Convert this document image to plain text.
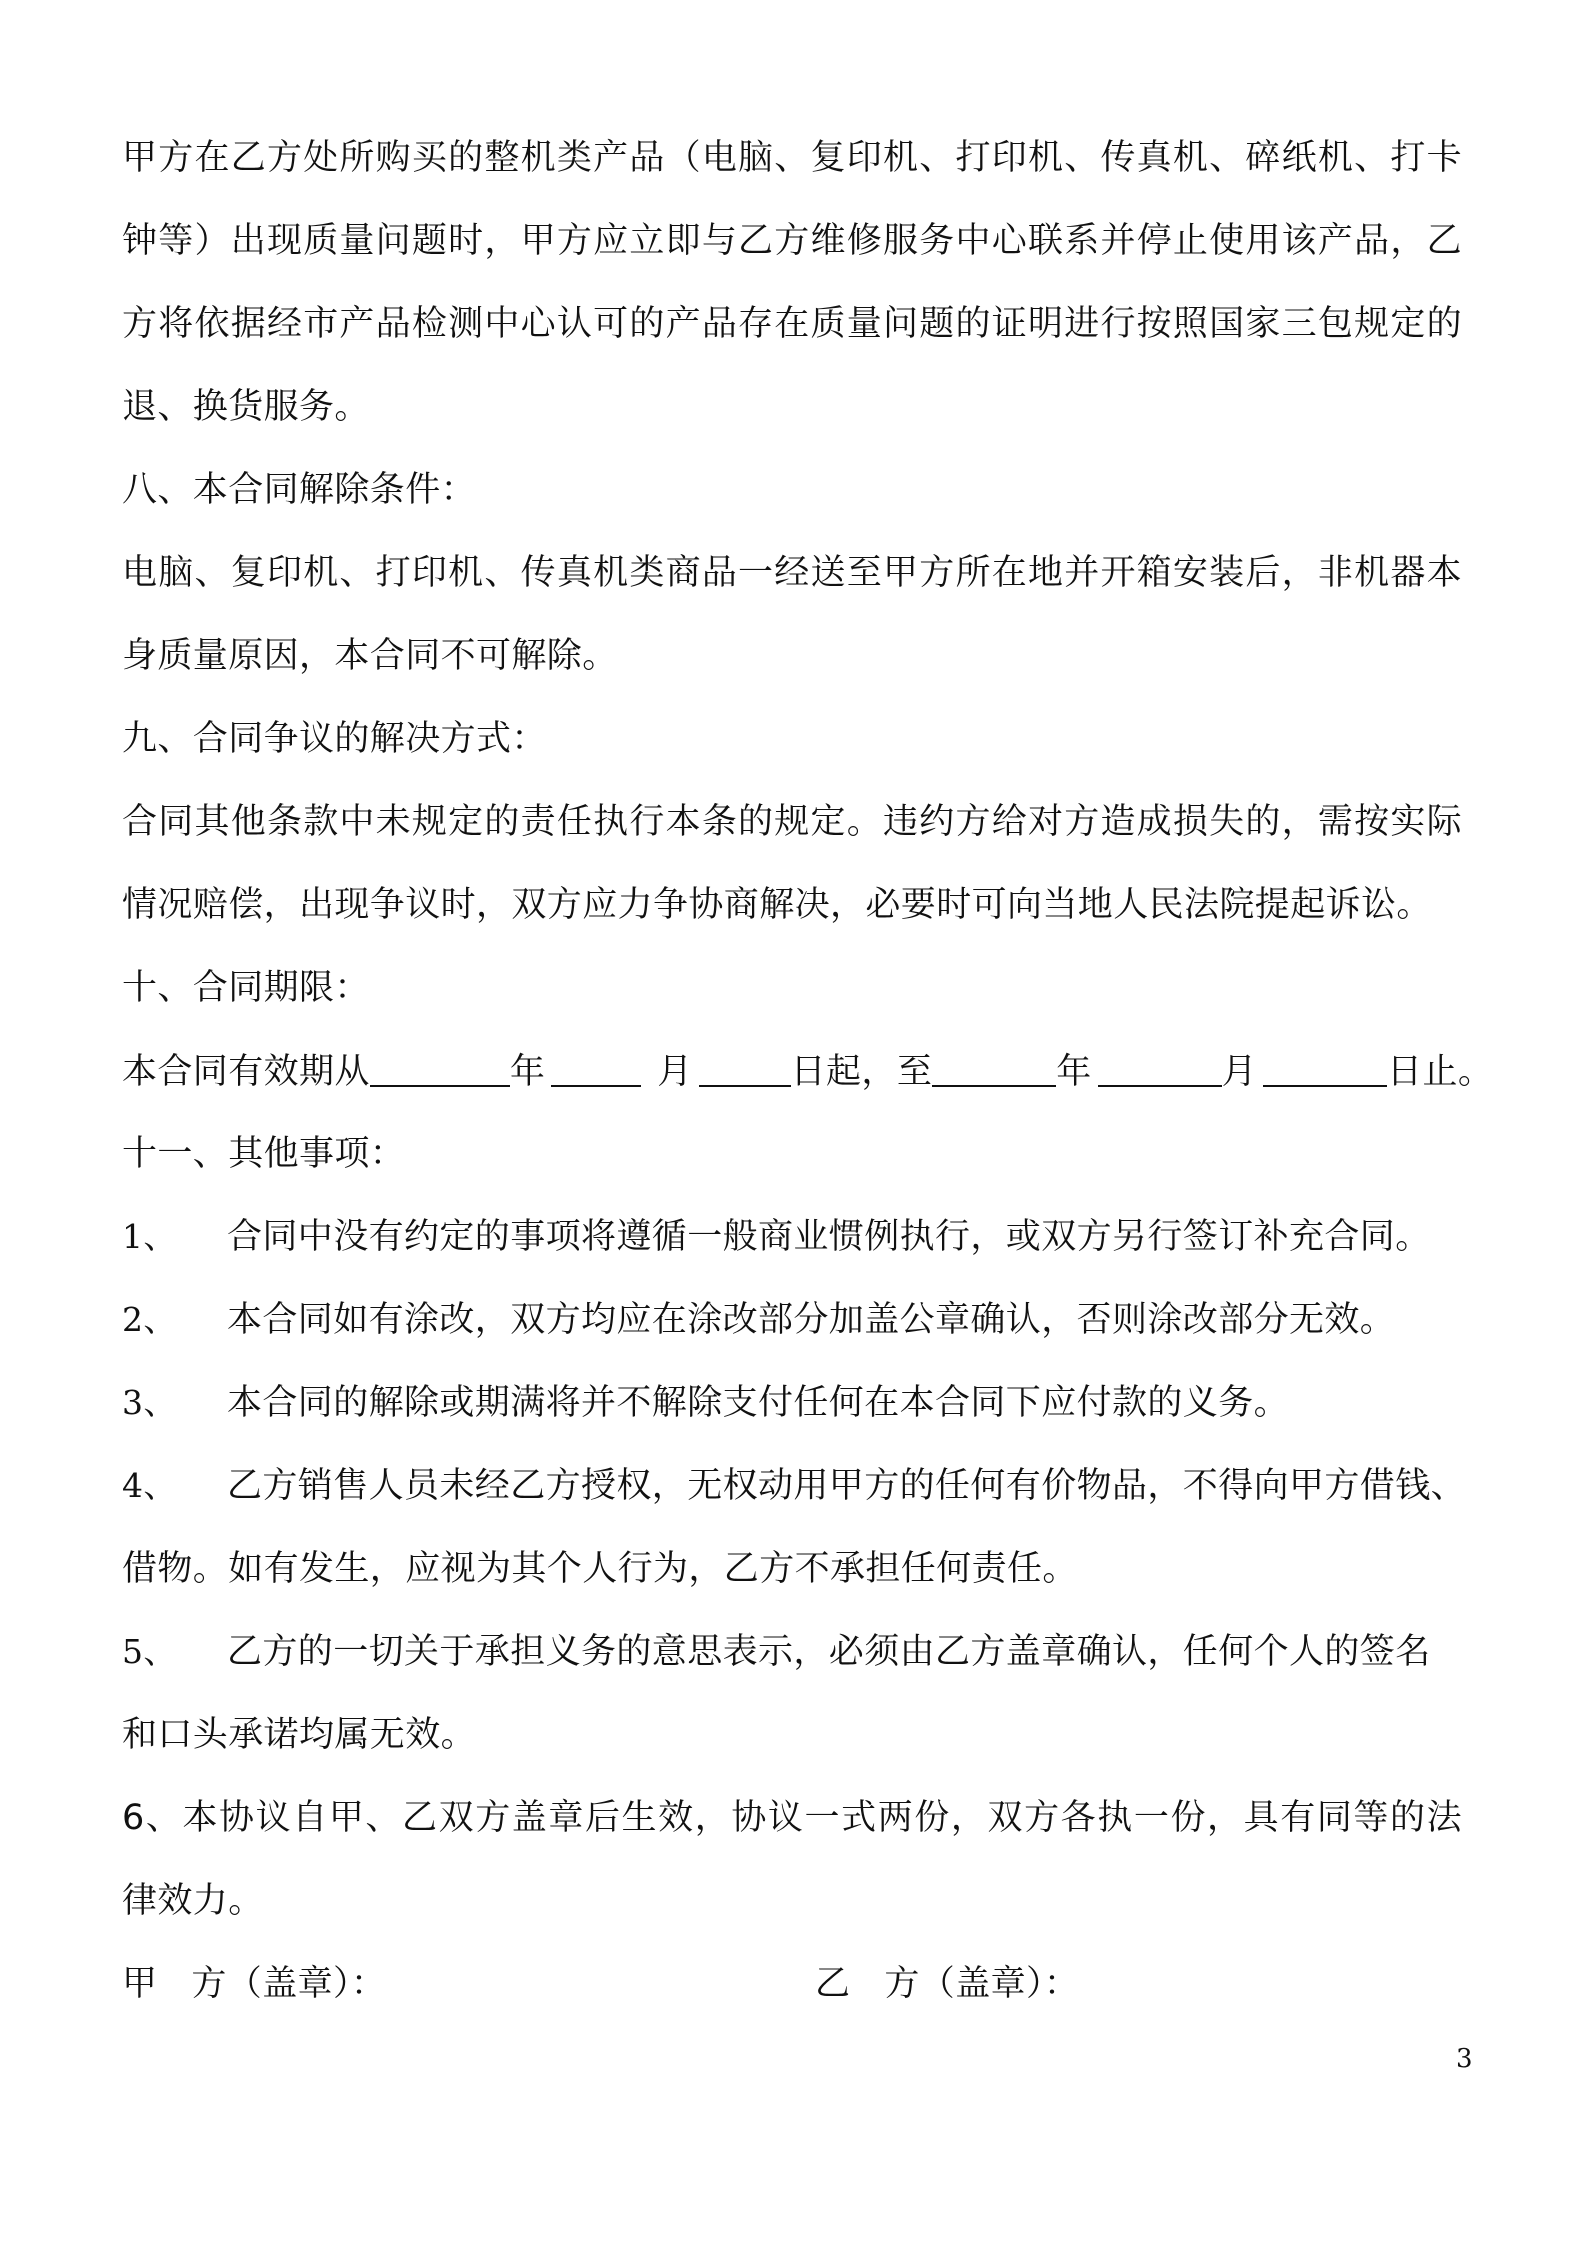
甲方在乙方处所购买的整机类产品（电脑、复印机、打印机、传真机、碎纸机、打卡
钟等）出现质量问题时，甲方应立即与乙方维修服务中心联系并停止使用该产品，乙
方将依据经市产品检测中心认可的产品存在质量问题的证明进行按照国家三包规定的
退、换货服务。
八、本合同解除条件：
电脑、复印机、打印机、传真机类商品一经送至甲方所在地并开箱安装后，非机器本
身质量原因，本合同不可解除。
九、合同争议的解决方式：
合同其他条款中未规定的责任执行本条的规定。违约方给对方造成损失的，需按实际
情况赔偿，出现争议时，双方应力争协商解决，必要时可向当地人民法院提起诉讼。
十、合同期限：
本合同有效期从	年	月	日起，至	年	月	日止。
十一、其他事项：
1、 合同中没有约定的事项将遵循一般商业惯例执行，或双方另行签订补充合同。
2、 本合同如有涂改，双方均应在涂改部分加盖公章确认，否则涂改部分无效。
3、 本合同的解除或期满将并不解除支付任何在本合同下应付款的义务。
4、 乙方销售人员未经乙方授权，无权动用甲方的任何有价物品，不得向甲方借钱、
借物。如有发生，应视为其个人行为，乙方不承担任何责任。
5、 乙方的一切关于承担义务的意思表示，必须由乙方盖章确认，任何个人的签名
和口头承诺均属无效。
6、本协议自甲、乙双方盖章后生效，协议一式两份，双方各执一份，具有同等的法
律效力。
甲 方（盖章）：	乙 方（盖章）：
3
